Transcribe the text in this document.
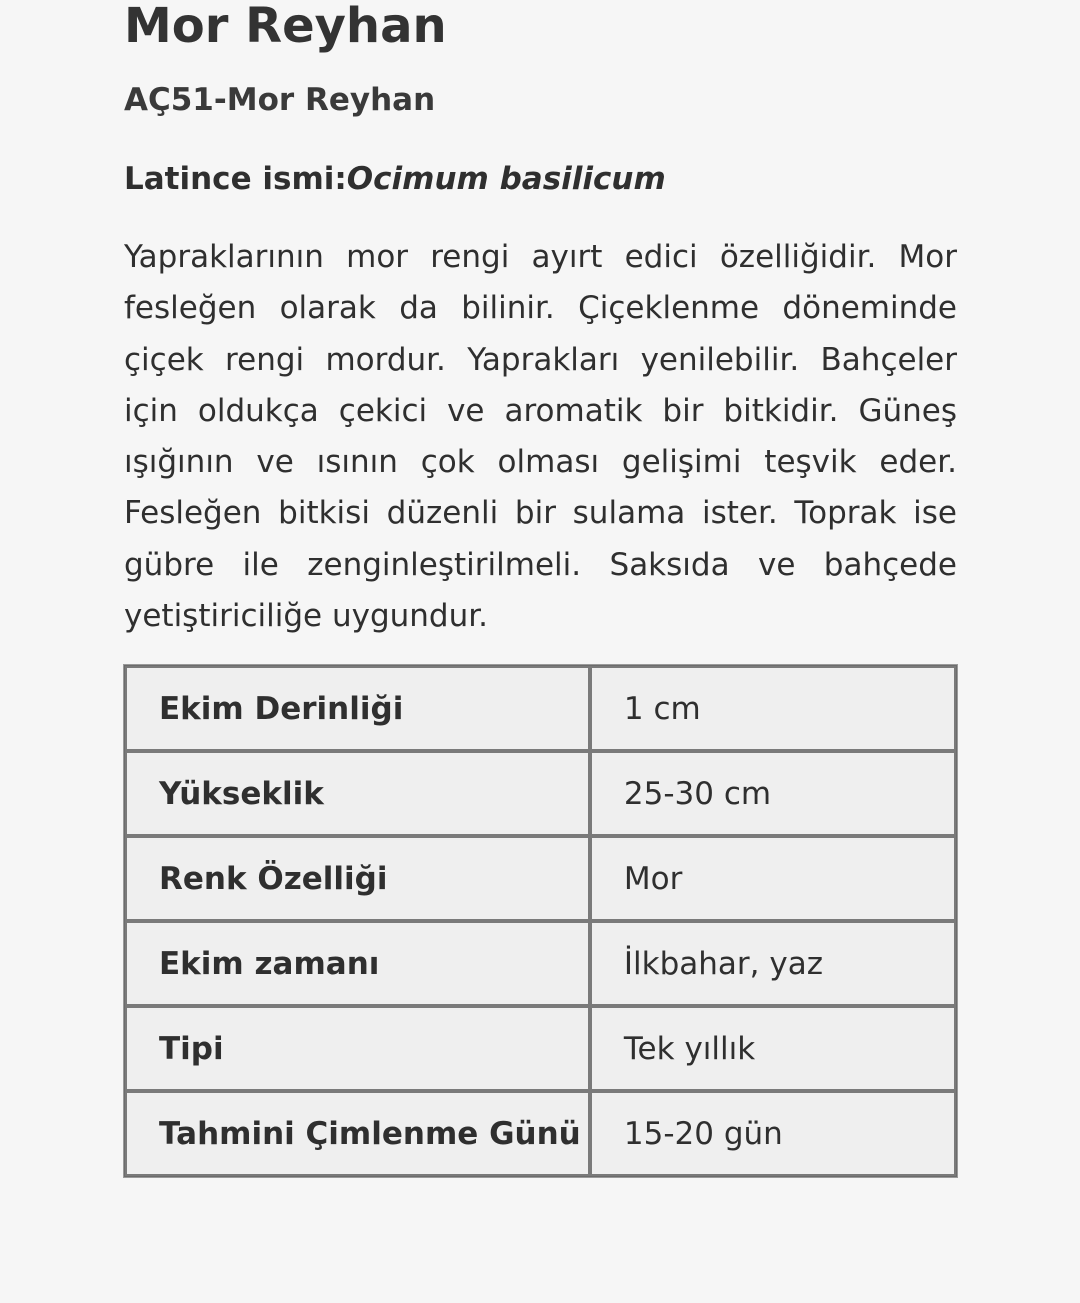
Mor Reyhan
AÇ51-Mor Reyhan
Latince ismi:Ocimum basilicum

Yapraklarının mor rengi ayırt edici özelliğidir. Mor fesleğen olarak da bilinir. Çiçeklenme döneminde çiçek rengi mordur. Yaprakları yenilebilir. Bahçeler için oldukça çekici ve aromatik bir bitkidir. Güneş ışığının ve ısının çok olması gelişimi teşvik eder. Fesleğen bitkisi düzenli bir sulama ister. Toprak ise gübre ile zenginleştirilmeli. Saksıda ve bahçede yetiştiriciliğe uygundur.

Ekim Derinliği	1 cm
Yükseklik	25-30 cm
Renk Özelliği	Mor
Ekim zamanı	İlkbahar, yaz
Tipi	Tek yıllık
Tahmini Çimlenme Günü	15-20 gün
